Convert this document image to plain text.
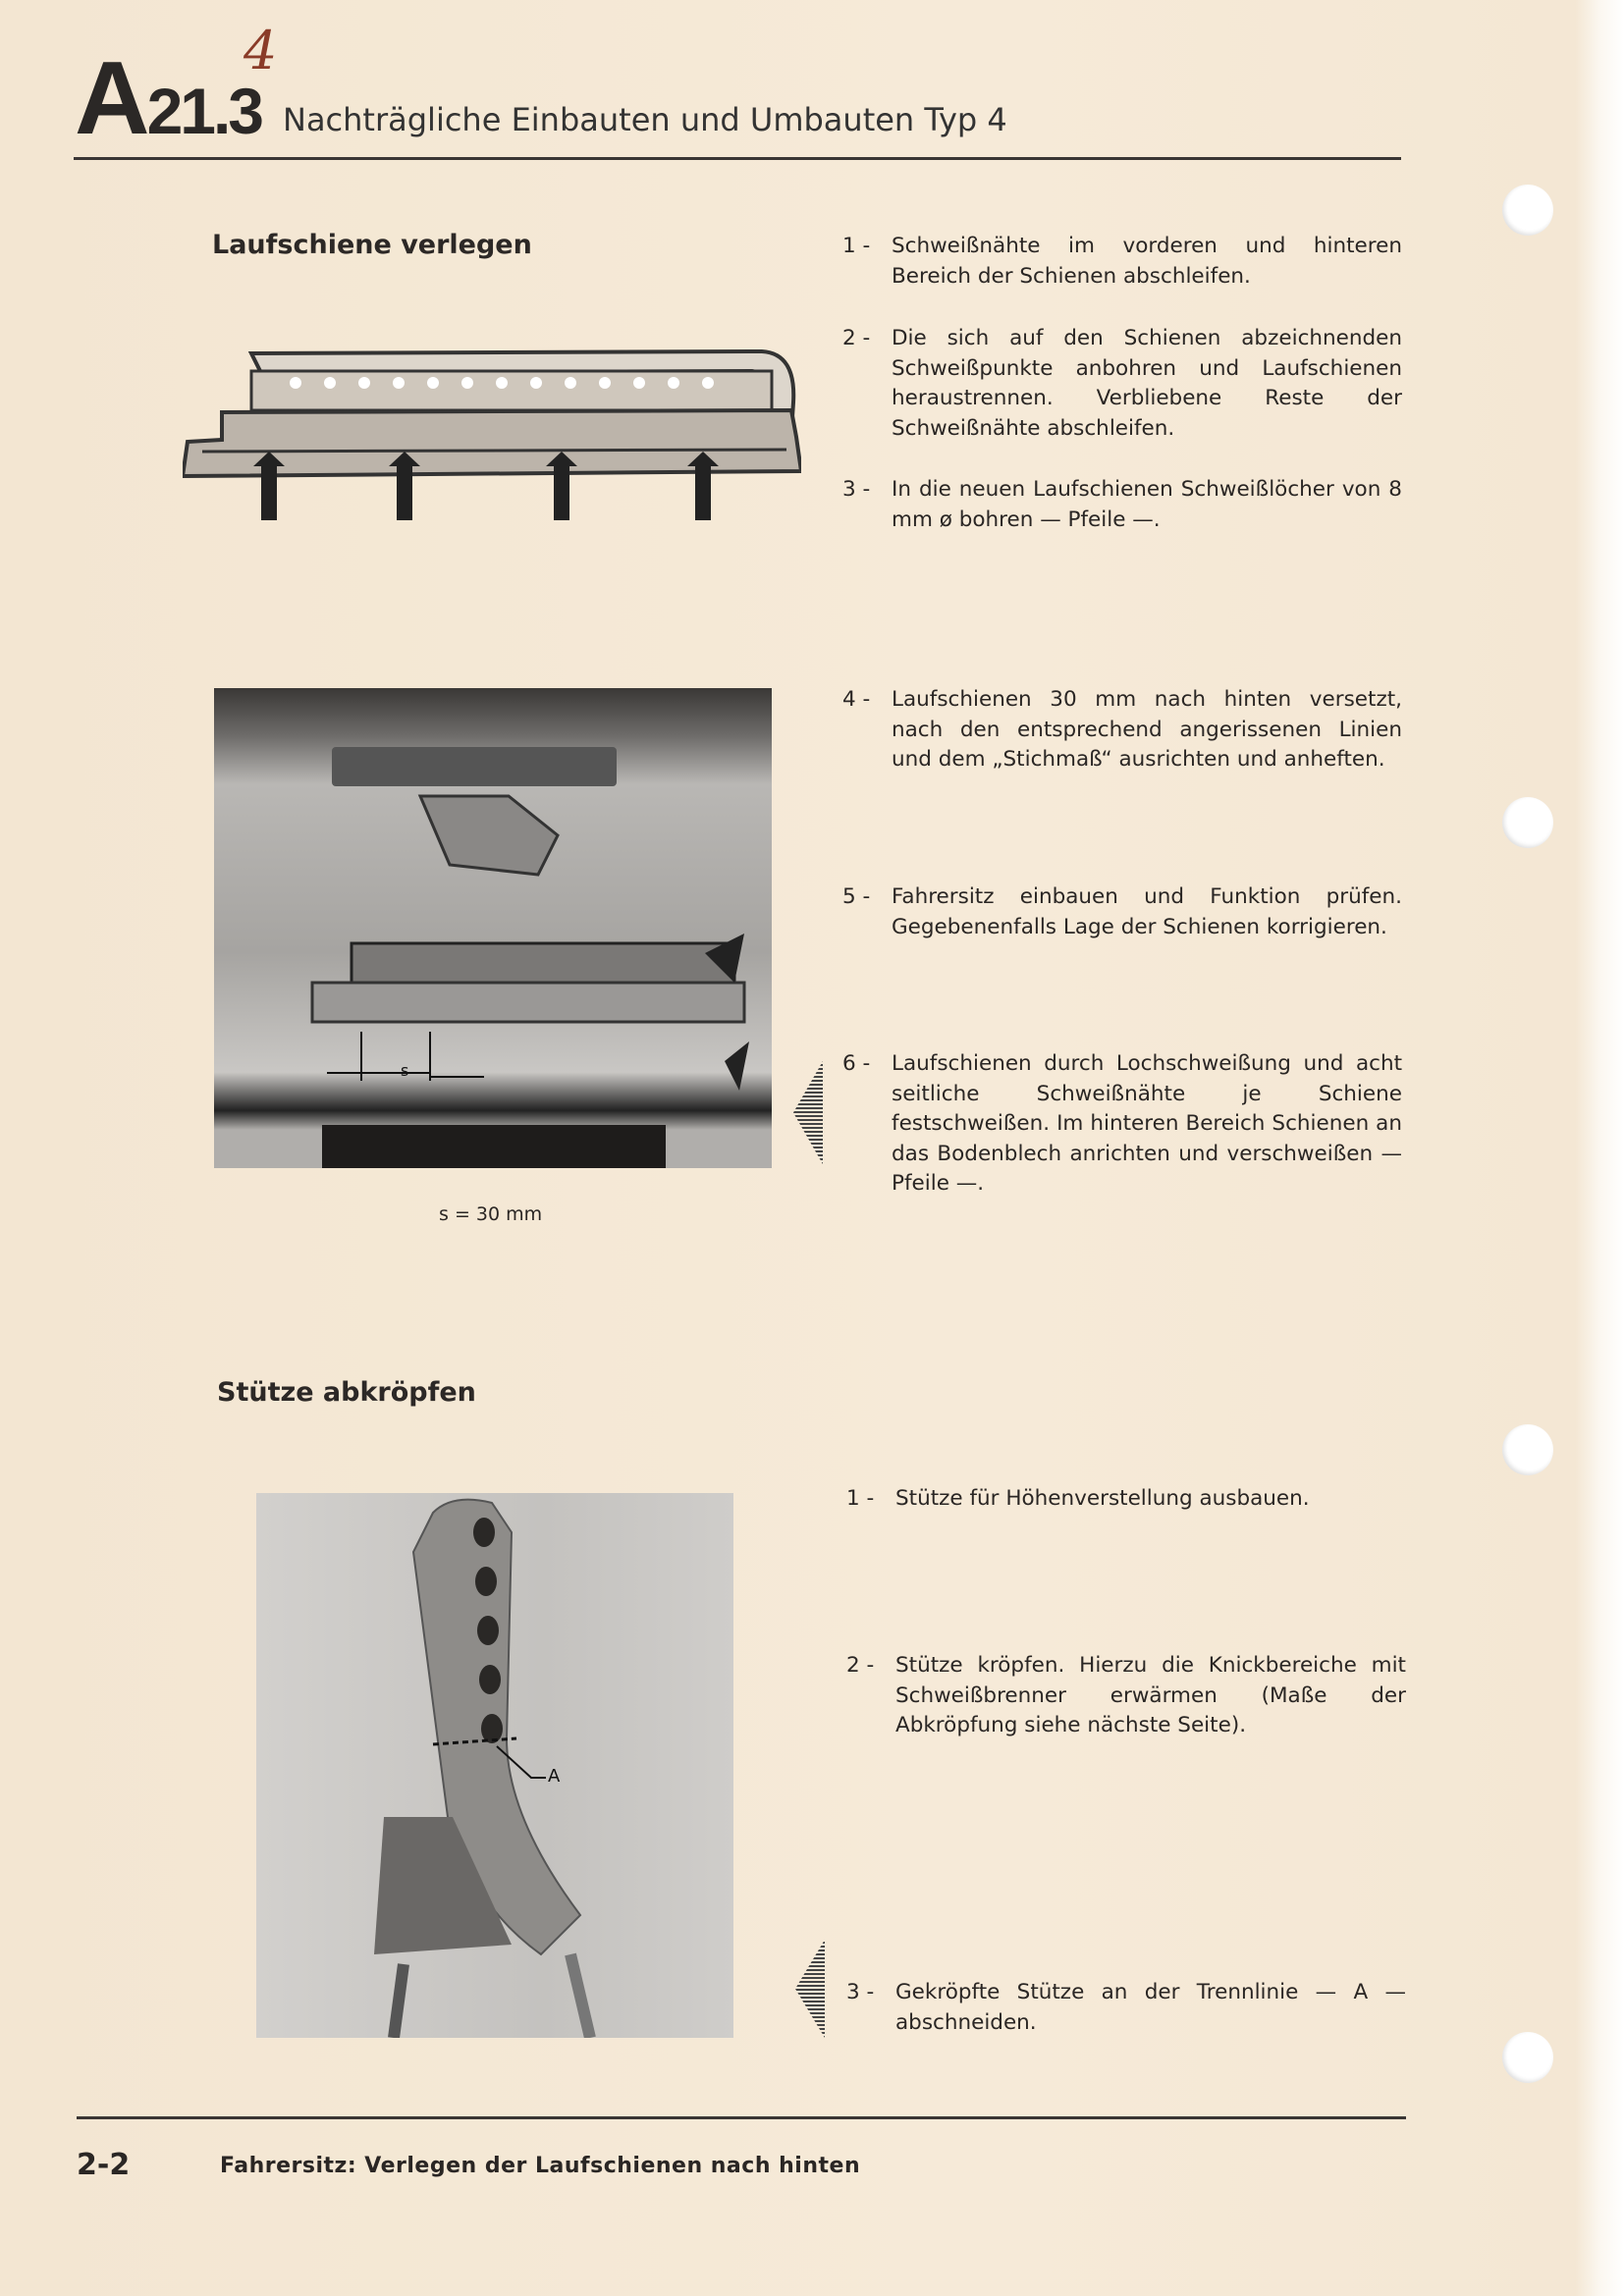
A21.3
4
Nachträgliche Einbauten und Umbauten Typ 4
Laufschiene verlegen	1 -	Schweißnähte im vorderen und hinteren Bereich der Schienen abschleifen.
2 -	Die sich auf den Schienen abzeichnenden Schweißpunkte anbohren und Laufschienen heraustrennen. Verbliebene Reste der Schweißnähte abschleifen.
3 -	In die neuen Laufschienen Schweißlöcher von 8 mm ø bohren — Pfeile —.
s
4 -	Laufschienen 30 mm nach hinten versetzt, nach den entsprechend angerissenen Linien und dem „Stichmaß“ ausrichten und anheften.
5 -	Fahrersitz einbauen und Funktion prüfen. Gegebenenfalls Lage der Schienen korrigieren.
6 -	Laufschienen durch Lochschweißung und acht seitliche Schweißnähte je Schiene festschweißen. Im hinteren Bereich Schienen an das Bodenblech anrichten und verschweißen — Pfeile —.
s = 30 mm
Stütze abkröpfen
A
1 -	Stütze für Höhenverstellung ausbauen.
2 -	Stütze kröpfen. Hierzu die Knickbereiche mit Schweißbrenner erwärmen (Maße der Abkröpfung siehe nächste Seite).
3 -	Gekröpfte Stütze an der Trennlinie — A — abschneiden.
2-2	Fahrersitz: Verlegen der Laufschienen nach hinten
